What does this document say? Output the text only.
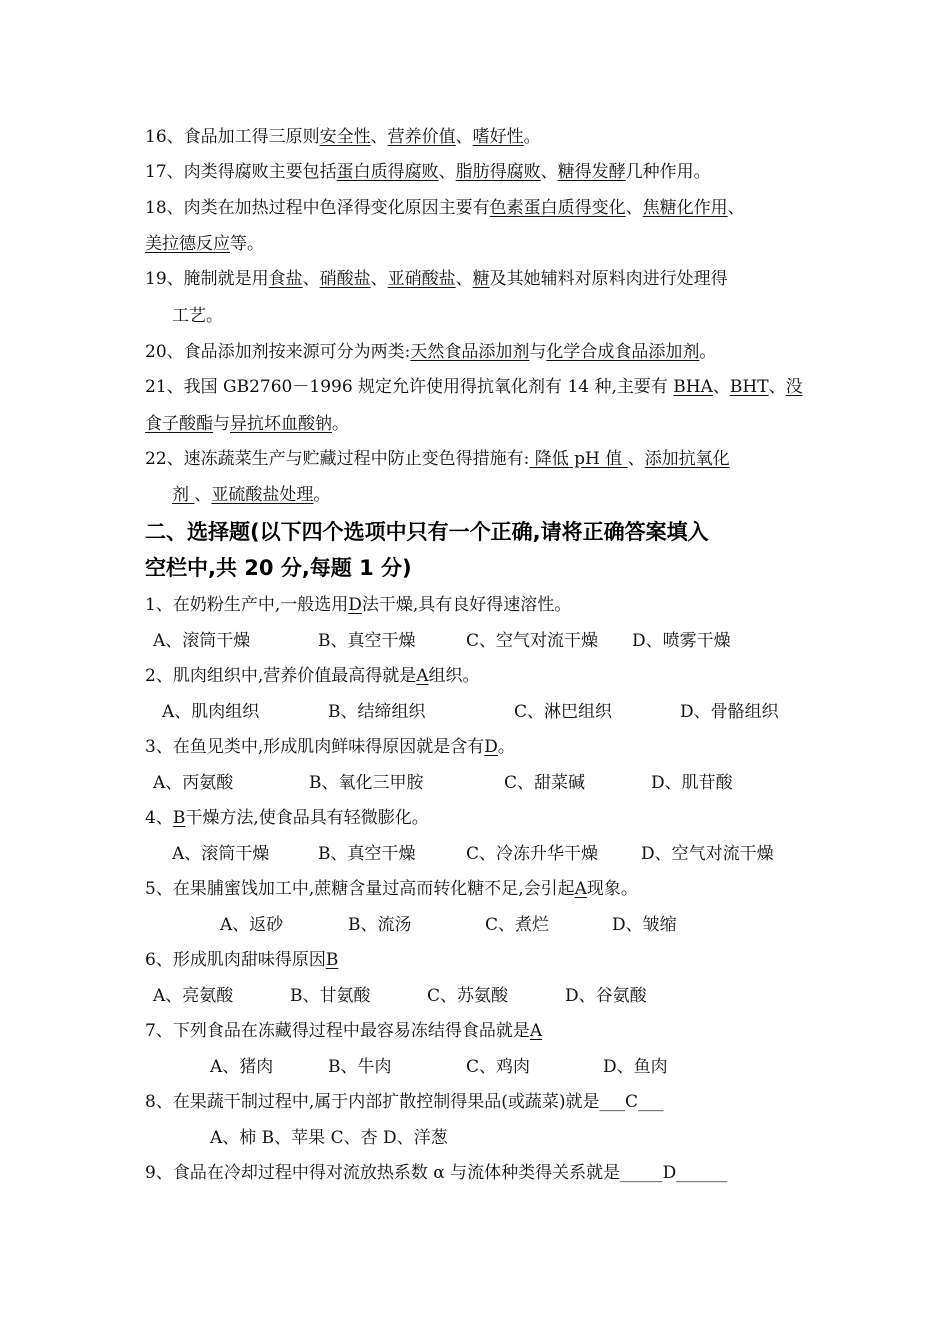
16、食品加工得三原则安全性、营养价值、嗜好性。
17、肉类得腐败主要包括蛋白质得腐败、脂肪得腐败、糖得发酵几种作用。
18、肉类在加热过程中色泽得变化原因主要有色素蛋白质得变化、焦糖化作用、
美拉德反应等。
19、腌制就是用食盐、硝酸盐、亚硝酸盐、糖及其她辅料对原料肉进行处理得
工艺。
20、食品添加剂按来源可分为两类:天然食品添加剂与化学合成食品添加剂。
21、我国 GB2760－1996 规定允许使用得抗氧化剂有 14 种,主要有 BHA、BHT、没
食子酸酯与异抗坏血酸钠。
22、速冻蔬菜生产与贮藏过程中防止变色得措施有: 降低 pH 值 、添加抗氧化
剂 、亚硫酸盐处理。
二、选择题(以下四个选项中只有一个正确,请将正确答案填入
空栏中,共 20 分,每题 1 分)
1、在奶粉生产中,一般选用D法干燥,具有良好得速溶性。
A、滚筒干燥	B、真空干燥	C、空气对流干燥 D、喷雾干燥
2、肌肉组织中,营养价值最高得就是A组织。
A、肌肉组织	B、结缔组织	C、淋巴组织	D、骨骼组织
3、在鱼见类中,形成肌肉鲜味得原因就是含有D。
A、丙氨酸	B、氧化三甲胺	C、甜菜碱	D、肌苷酸
4、B干燥方法,使食品具有轻微膨化。
A、滚筒干燥	B、真空干燥	C、冷冻升华干燥	D、空气对流干燥
5、在果脯蜜饯加工中,蔗糖含量过高而转化糖不足,会引起A现象。
A、返砂	B、流汤	C、煮烂	D、皱缩
6、形成肌肉甜味得原因B
A、亮氨酸	B、甘氨酸	C、苏氨酸	D、谷氨酸
7、下列食品在冻藏得过程中最容易冻结得食品就是A
A、猪肉	B、牛肉	C、鸡肉	D、鱼肉
8、在果蔬干制过程中,属于内部扩散控制得果品(或蔬菜)就是___C___
A、柿 B、苹果 C、杏 D、洋葱
9、食品在冷却过程中得对流放热系数 α 与流体种类得关系就是_____D______
